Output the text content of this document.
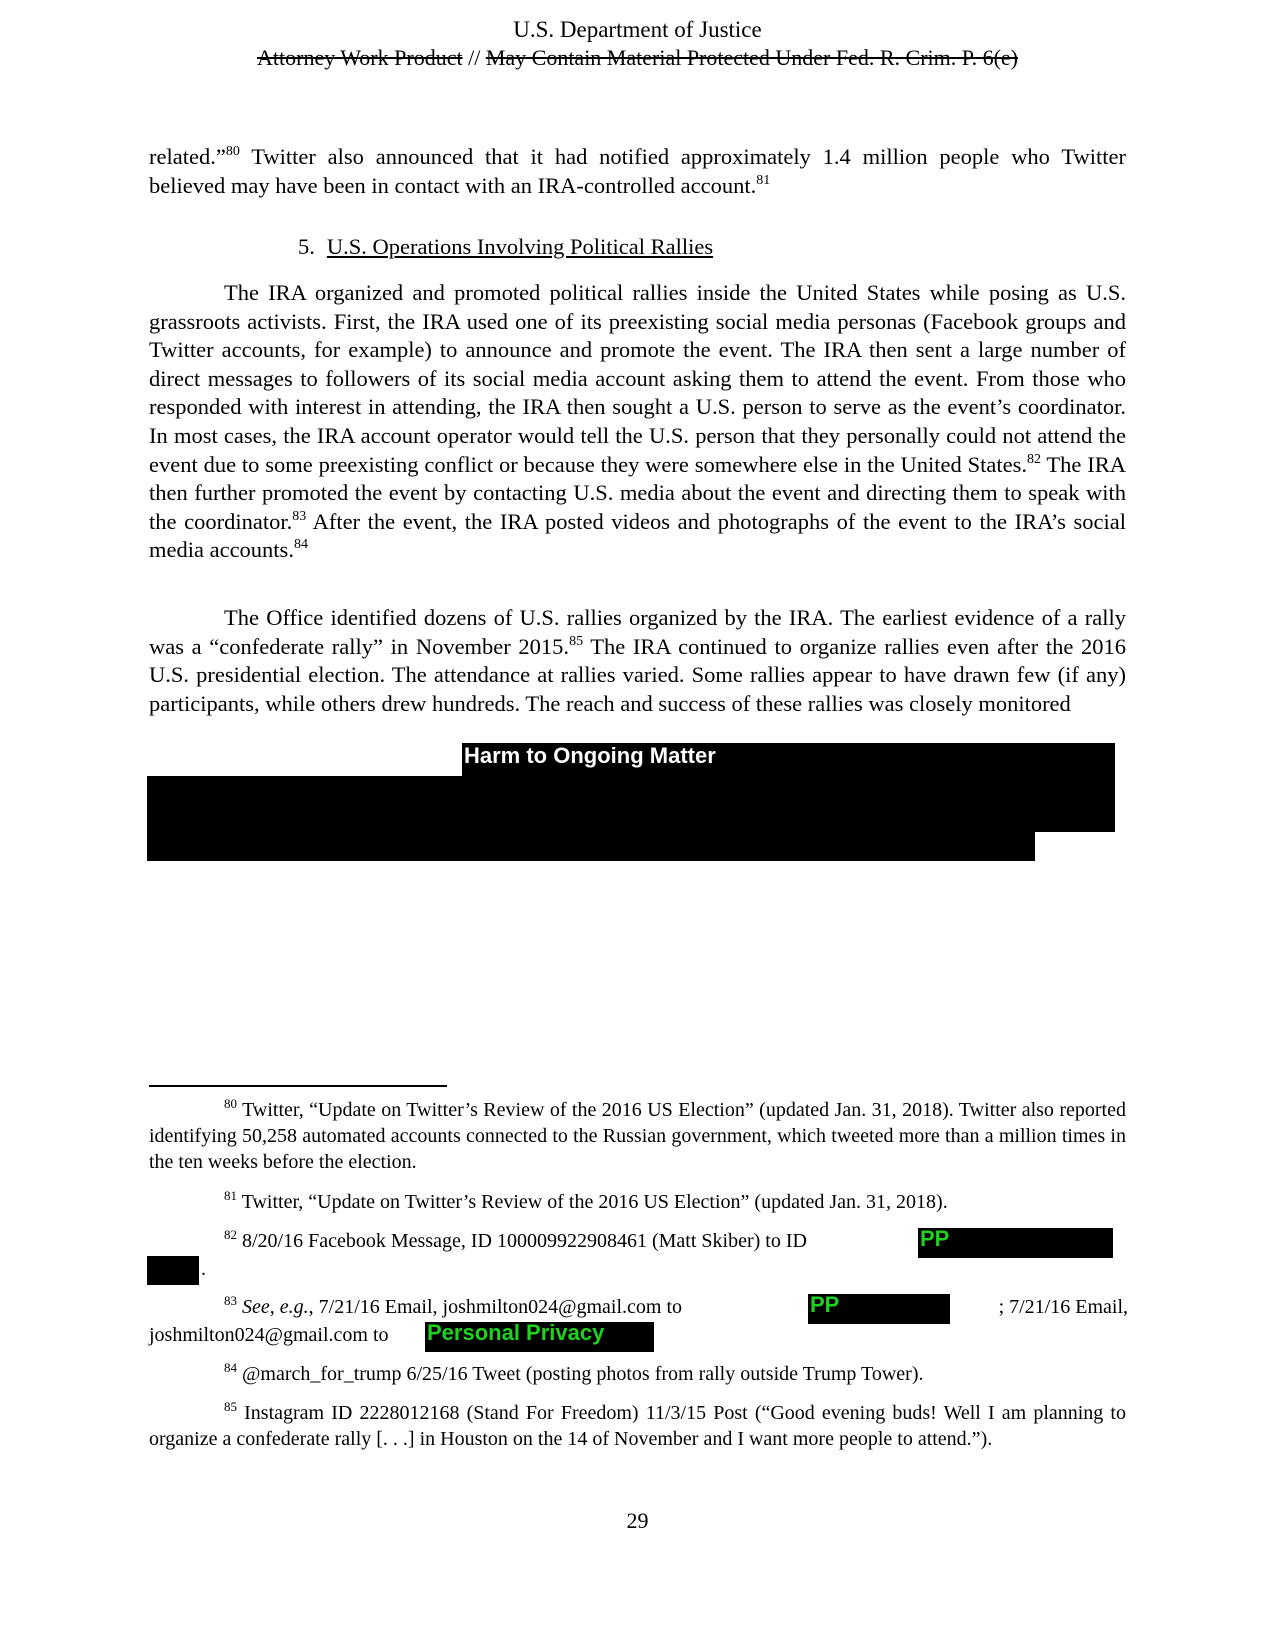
U.S. Department of Justice
Attorney Work Product // May Contain Material Protected Under Fed. R. Crim. P. 6(e)

related.”$^{80}$ Twitter also announced that it had notified approximately 1.4 million people who Twitter believed may have been in contact with an IRA-controlled account.$^{81}$

5. U.S. Operations Involving Political Rallies

The IRA organized and promoted political rallies inside the United States while posing as U.S. grassroots activists. First, the IRA used one of its preexisting social media personas (Facebook groups and Twitter accounts, for example) to announce and promote the event. The IRA then sent a large number of direct messages to followers of its social media account asking them to attend the event. From those who responded with interest in attending, the IRA then sought a U.S. person to serve as the event’s coordinator. In most cases, the IRA account operator would tell the U.S. person that they personally could not attend the event due to some preexisting conflict or because they were somewhere else in the United States.$^{82}$ The IRA then further promoted the event by contacting U.S. media about the event and directing them to speak with the coordinator.$^{83}$ After the event, the IRA posted videos and photographs of the event to the IRA’s social media accounts.$^{84}$

The Office identified dozens of U.S. rallies organized by the IRA. The earliest evidence of a rally was a “confederate rally” in November 2015.85 The IRA continued to organize rallies even after the 2016 U.S. presidential election. The attendance at rallies varied. Some rallies appear to have drawn few (if any) participants, while others drew hundreds. The reach and success of these rallies was closely monitored

Harm to Ongoing Matter

$^{80}$ Twitter, “Update on Twitter’s Review of the 2016 US Election” (updated Jan. 31, 2018). Twitter also reported identifying 50,258 automated accounts connected to the Russian government, which tweeted more than a million times in the ten weeks before the election.

$^{81}$ Twitter, “Update on Twitter’s Review of the 2016 US Election” (updated Jan. 31, 2018).

$^{82}$ 8/20/16 Facebook Message, ID 100009922908461 (Matt Skiber) to ID	PP
.

$^{83}$ See, e.g., 7/21/16 Email, joshmilton024@gmail.com to	PP	; 7/21/16 Email,
joshmilton024@gmail.com to	Personal Privacy

$^{84}$ @march_for_trump 6/25/16 Tweet (posting photos from rally outside Trump Tower).

$^{85}$ Instagram ID 2228012168 (Stand For Freedom) 11/3/15 Post (“Good evening buds! Well I am planning to organize a confederate rally [. . .] in Houston on the 14 of November and I want more people to attend.”).

29
